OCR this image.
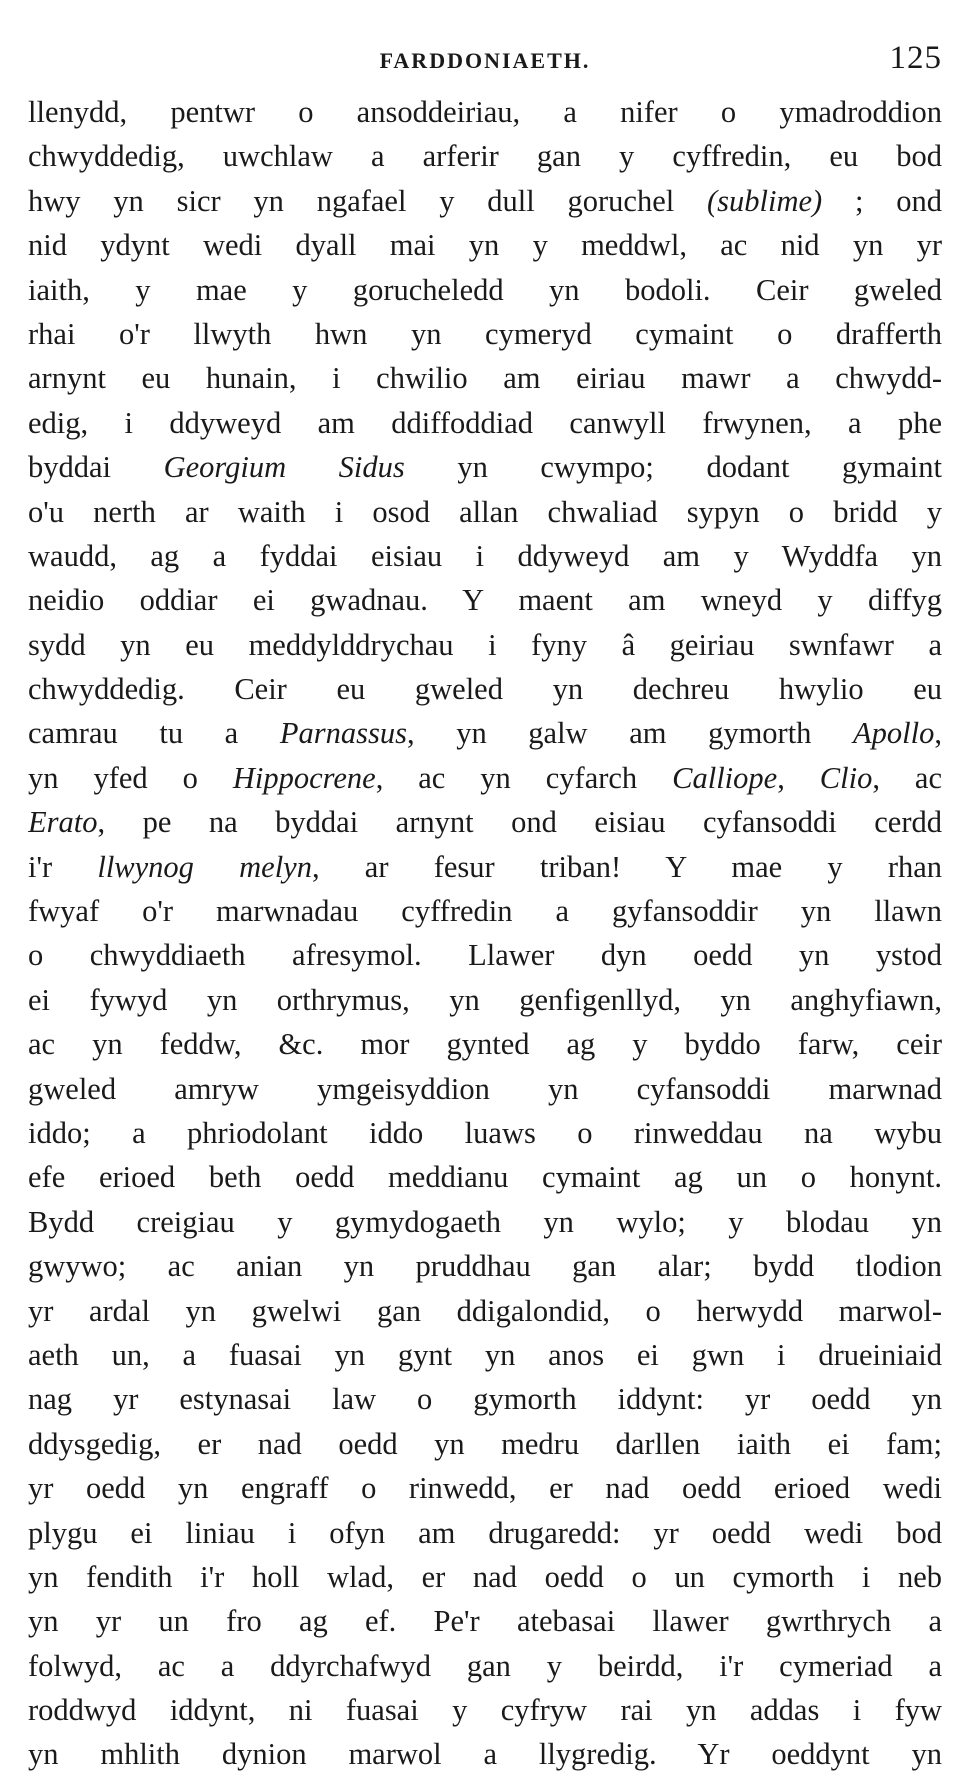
FARDDONIAETH.	125
llenydd, pentwr o ansoddeiriau, a nifer o ymadroddion
chwyddedig, uwchlaw a arferir gan y cyffredin, eu bod
hwy yn sicr yn ngafael y dull goruchel (sublime) ; ond
nid ydynt wedi dyall mai yn y meddwl, ac nid yn yr
iaith, y mae y gorucheledd yn bodoli. Ceir gweled
rhai o'r llwyth hwn yn cymeryd cymaint o drafferth
arnynt eu hunain, i chwilio am eiriau mawr a chwydd-
edig, i ddyweyd am ddiffoddiad canwyll frwynen, a phe
byddai Georgium Sidus yn cwympo; dodant gymaint
o'u nerth ar waith i osod allan chwaliad sypyn o bridd y
waudd, ag a fyddai eisiau i ddyweyd am y Wyddfa yn
neidio oddiar ei gwadnau. Y maent am wneyd y diffyg
sydd yn eu meddylddrychau i fyny â geiriau swnfawr a
chwyddedig. Ceir eu gweled yn dechreu hwylio eu
camrau tu a Parnassus, yn galw am gymorth Apollo,
yn yfed o Hippocrene, ac yn cyfarch Calliope, Clio, ac
Erato, pe na byddai arnynt ond eisiau cyfansoddi cerdd
i'r llwynog melyn, ar fesur triban! Y mae y rhan
fwyaf o'r marwnadau cyffredin a gyfansoddir yn llawn
o chwyddiaeth afresymol. Llawer dyn oedd yn ystod
ei fywyd yn orthrymus, yn genfigenllyd, yn anghyfiawn,
ac yn feddw, &c. mor gynted ag y byddo farw, ceir
gweled amryw ymgeisyddion yn cyfansoddi marwnad
iddo; a phriodolant iddo luaws o rinweddau na wybu
efe erioed beth oedd meddianu cymaint ag un o honynt.
Bydd creigiau y gymydogaeth yn wylo; y blodau yn
gwywo; ac anian yn pruddhau gan alar; bydd tlodion
yr ardal yn gwelwi gan ddigalondid, o herwydd marwol-
aeth un, a fuasai yn gynt yn anos ei gwn i drueiniaid
nag yr estynasai law o gymorth iddynt: yr oedd yn
ddysgedig, er nad oedd yn medru darllen iaith ei fam;
yr oedd yn engraff o rinwedd, er nad oedd erioed wedi
plygu ei liniau i ofyn am drugaredd: yr oedd wedi bod
yn fendith i'r holl wlad, er nad oedd o un cymorth i neb
yn yr un fro ag ef. Pe'r atebasai llawer gwrthrych a
folwyd, ac a ddyrchafwyd gan y beirdd, i'r cymeriad a
roddwyd iddynt, ni fuasai y cyfryw rai yn addas i fyw
yn mhlith dynion marwol a llygredig. Yr oeddynt yn
